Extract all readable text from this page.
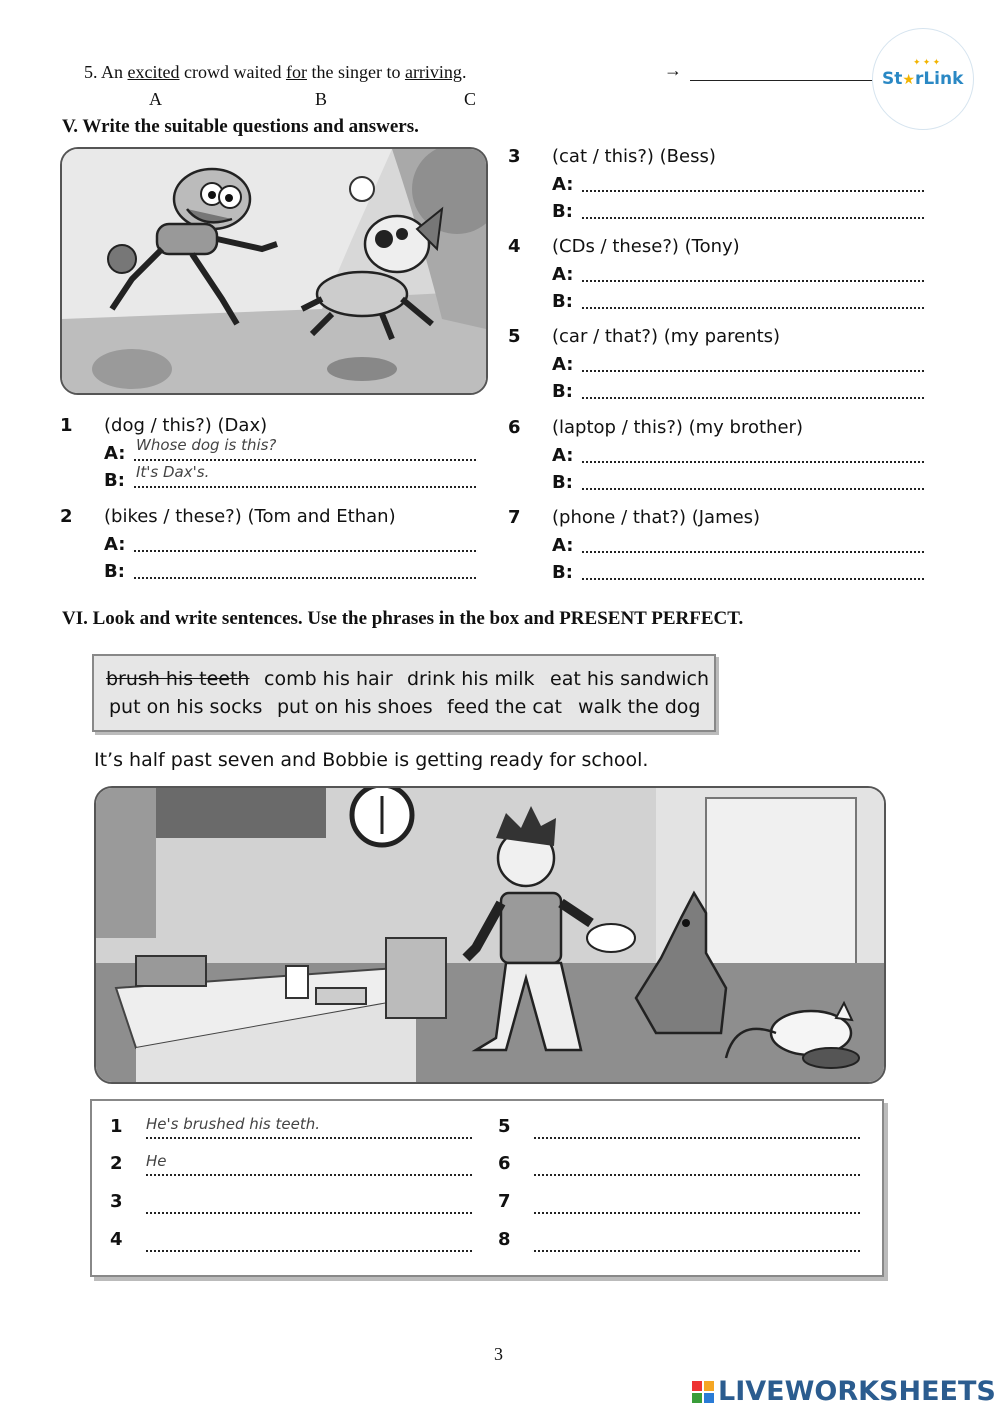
5. An excited crowd waited for the singer to arriving.
A	B	C
→	St★rLink
✦ ✦ ✦
V. Write the suitable questions and answers.
1 (dog / this?) (Dax)
A: Whose dog is this?
B: It's Dax's.
2 (bikes / these?) (Tom and Ethan)
A:
B:
3 (cat / this?) (Bess)
A:
B:
4 (CDs / these?) (Tony)
A:
B:
5 (car / that?) (my parents)
A:
B:
6 (laptop / this?) (my brother)
A:
B:
7 (phone / that?) (James)
A:
B:
VI. Look and write sentences. Use the phrases in the box and PRESENT PERFECT.
brush his teeth comb his hair drink his milk eat his sandwich
put on his socks put on his shoes feed the cat walk the dog
It’s half past seven and Bobbie is getting ready for school.
1 He's brushed his teeth.
2 He
3
4
5
6
7
8
3
LIVEWORKSHEETS
